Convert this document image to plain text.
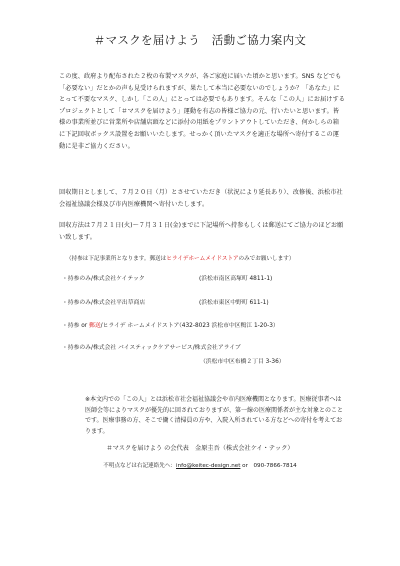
＃マスクを届けよう　活動ご協力案内文
この度、政府より配布された２枚の布製マスクが、各ご家庭に届いた頃かと思います。SNS などでも「必要ない」だとかの声も見受けられますが、果たして本当に必要ないのでしょうか？「あなた」にとって不要なマスク、しかし「この人」にとっては必要でもあります。そんな「この人」にお届けするプロジェクトとして「＃マスクを届けよう」運動を有志の皆様ご協力の元、行いたいと思います。皆様の事業所並びに営業所や店舗店頭などに添付の用紙をプリントアウトしていただき、何かしらの箱に下記回収ボックス設置をお願いいたします。せっかく頂いたマスクを適正な場所へ寄付するこの運動に是非ご協力ください。
回収期日としまして、７月２０日（月）とさせていただき（状況により延長あり）、改修後、浜松市社会福祉協議会様及び市内医療機関へ寄付いたします。
回収方法は７月２１日(火)～７月３１日(金)までに下記場所へ持参もしくは郵送にてご協力のほどお願い致します。
（持参は下記事業所となります。郵送はヒライデホームメイドストアのみでお願いします）
・持参のみ/株式会社ケイテック	(浜松市南区高塚町 4811-1)
・持参のみ/株式会社平出草商店	(浜松市東区中野町 611-1)
・持参 or 郵送/ヒライデ ホームメイドストア
（432-8023 浜松市中区鴨江 1-20-3）
・持参のみ/株式会社 バイスティックケアサービス/株式会社アライブ
（浜松市中区布橋２丁目 3-36）
※本文内での「この人」とは浜松市社会福祉協議会や市内医療機関となります。医療従事者へは医師会等によりマスクが優先的に回されておりますが、第一線の医療関係者が主な対象とのことです。医療事務の方、そこで働く清掃員の方や、入院入所されている方などへの寄付を考えております。
＃マスクを届けよう の会代表　金原圭吾（株式会社ケイ・テック）
不明点などは右記連絡先へ：info@keitec-design.net or　090-7866-7814
